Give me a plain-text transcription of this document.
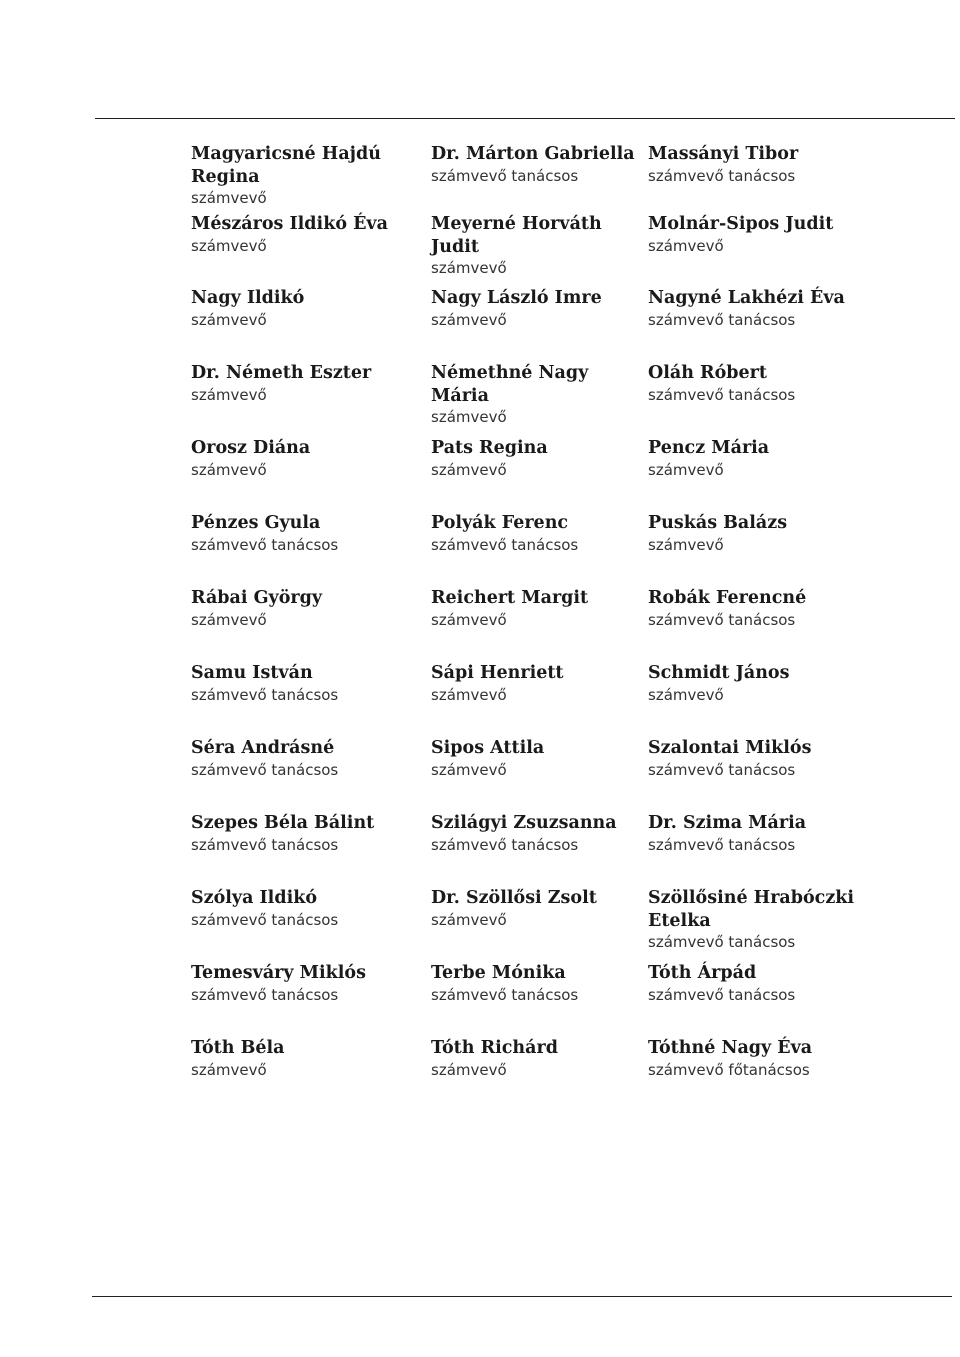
Magyaricsné Hajdú Regina
számvevő
Dr. Márton Gabriella
számvevő tanácsos
Massányi Tibor
számvevő tanácsos
Mészáros Ildikó Éva
számvevő
Meyerné Horváth Judit
számvevő
Molnár-Sipos Judit
számvevő
Nagy Ildikó
számvevő
Nagy László Imre
számvevő
Nagyné Lakhézi Éva
számvevő tanácsos
Dr. Németh Eszter
számvevő
Némethné Nagy Mária
számvevő
Oláh Róbert
számvevő tanácsos
Orosz Diána
számvevő
Pats Regina
számvevő
Pencz Mária
számvevő
Pénzes Gyula
számvevő tanácsos
Polyák Ferenc
számvevő tanácsos
Puskás Balázs
számvevő
Rábai György
számvevő
Reichert Margit
számvevő
Robák Ferencné
számvevő tanácsos
Samu István
számvevő tanácsos
Sápi Henriett
számvevő
Schmidt János
számvevő
Séra Andrásné
számvevő tanácsos
Sipos Attila
számvevő
Szalontai Miklós
számvevő tanácsos
Szepes Béla Bálint
számvevő tanácsos
Szilágyi Zsuzsanna
számvevő tanácsos
Dr. Szima Mária
számvevő tanácsos
Szólya Ildikó
számvevő tanácsos
Dr. Szöllősi Zsolt
számvevő
Szöllősiné Hrabóczki Etelka
számvevő tanácsos
Temesváry Miklós
számvevő tanácsos
Terbe Mónika
számvevő tanácsos
Tóth Árpád
számvevő tanácsos
Tóth Béla
számvevő
Tóth Richárd
számvevő
Tóthné Nagy Éva
számvevő főtanácsos
